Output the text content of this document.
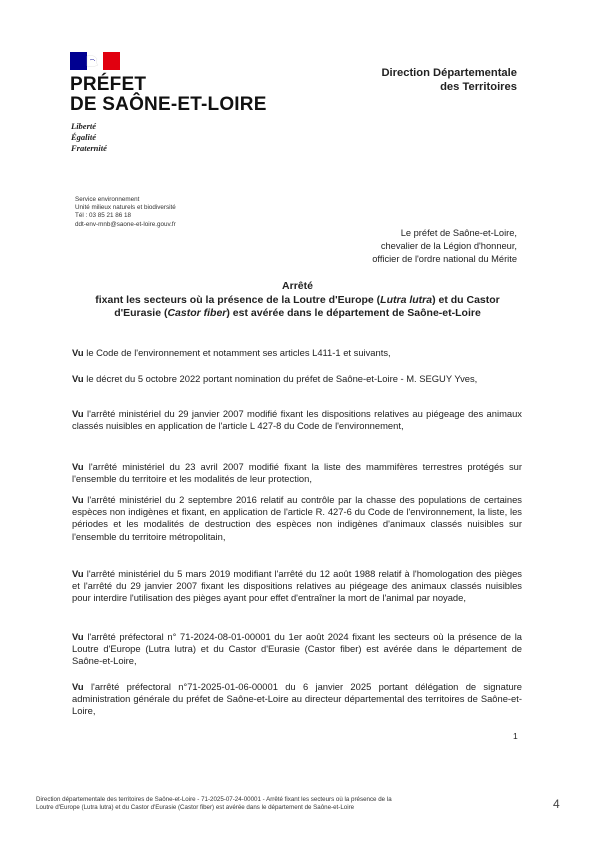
PRÉFET
DE SAÔNE-ET-LOIRE
Liberté
Égalité
Fraternité
Direction Départementale
des Territoires
Service environnement
Unité milieux naturels et biodiversité
Tél : 03 85 21 86 18
ddt-env-mnb@saone-et-loire.gouv.fr
Le préfet de Saône-et-Loire,
chevalier de la Légion d'honneur,
officier de l'ordre national du Mérite
Arrêté
fixant les secteurs où la présence de la Loutre d'Europe (Lutra lutra) et du Castor
d'Eurasie (Castor fiber) est avérée dans le département de Saône-et-Loire
Vu le Code de l'environnement et notamment ses articles L411-1 et suivants,
Vu le décret du 5 octobre 2022 portant nomination du préfet de Saône-et-Loire - M. SEGUY Yves,
Vu l'arrêté ministériel du 29 janvier 2007 modifié fixant les dispositions relatives au piégeage des animaux classés nuisibles en application de l'article L 427-8 du Code de l'environnement,
Vu l'arrêté ministériel du 23 avril 2007 modifié fixant la liste des mammifères terrestres protégés sur l'ensemble du territoire et les modalités de leur protection,
Vu l'arrêté ministériel du 2 septembre 2016 relatif au contrôle par la chasse des populations de certaines espèces non indigènes et fixant, en application de l'article R. 427-6 du Code de l'environnement, la liste, les périodes et les modalités de destruction des espèces non indigènes d'animaux classés nuisibles sur l'ensemble du territoire métropolitain,
Vu l'arrêté ministériel du 5 mars 2019 modifiant l'arrêté du 12 août 1988 relatif à l'homologation des pièges et l'arrêté du 29 janvier 2007 fixant les dispositions relatives au piégeage des animaux classés nuisibles pour interdire l'utilisation des pièges ayant pour effet d'entraîner la mort de l'animal par noyade,
Vu l'arrêté préfectoral n° 71-2024-08-01-00001 du 1er août 2024 fixant les secteurs où la présence de la Loutre d'Europe (Lutra lutra) et du Castor d'Eurasie (Castor fiber) est avérée dans le département de Saône-et-Loire,
Vu l'arrêté préfectoral n°71-2025-01-06-00001 du 6 janvier 2025 portant délégation de signature administration générale du préfet de Saône-et-Loire au directeur départemental des territoires de Saône-et-Loire,
1
Direction départementale des territoires de Saône-et-Loire - 71-2025-07-24-00001 - Arrêté fixant les secteurs où la présence de la
Loutre d'Europe (Lutra lutra) et du Castor d'Eurasie (Castor fiber) est avérée dans le département de Saône-et-Loire	4
